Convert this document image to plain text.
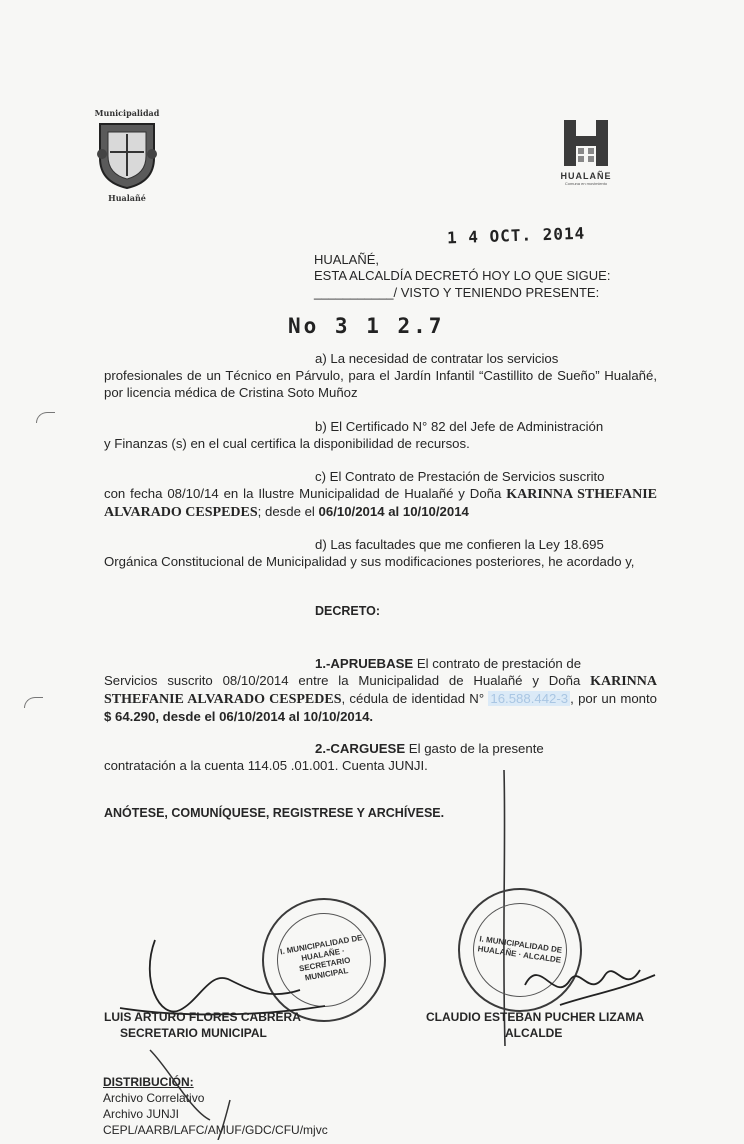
Municipalidad
Hualañé
HUALAÑE
Comuna en movimiento
1 4 OCT. 2014
HUALAÑÉ,
ESTA ALCALDÍA DECRETÓ HOY LO QUE SIGUE:
___________/ VISTO Y TENIENDO PRESENTE:
No 3 1 2.7
a) La necesidad de contratar los servicios
profesionales de un Técnico en Párvulo, para el Jardín Infantil “Castillito de Sueño” Hualañé, por licencia médica de Cristina Soto Muñoz
b) El Certificado N° 82 del Jefe de Administración
y Finanzas (s) en el cual certifica la disponibilidad de recursos.
c) El Contrato de Prestación de Servicios suscrito
con fecha 08/10/14 en la Ilustre Municipalidad de Hualañé y Doña KARINNA STHEFANIE ALVARADO CESPEDES; desde el 06/10/2014 al 10/10/2014
d) Las facultades que me confieren la Ley 18.695
Orgánica Constitucional de Municipalidad y sus modificaciones posteriores, he acordado y,
DECRETO:
1.-APRUEBASE El contrato de prestación de
Servicios suscrito 08/10/2014 entre la Municipalidad de Hualañé y Doña KARINNA STHEFANIE ALVARADO CESPEDES, cédula de identidad N° 16.588.442-3 , por un monto $ 64.290, desde el 06/10/2014 al 10/10/2014.
2.-CARGUESE El gasto de la presente
contratación a la cuenta 114.05 .01.001. Cuenta JUNJI.
ANÓTESE, COMUNÍQUESE, REGISTRESE Y ARCHÍVESE.
I. MUNICIPALIDAD DE HUALAÑE · SECRETARIO MUNICIPAL
I. MUNICIPALIDAD DE HUALAÑE · ALCALDE
LUIS ARTURO FLORES CABRERA
SECRETARIO MUNICIPAL
CLAUDIO ESTEBAN PUCHER LIZAMA
ALCALDE
DISTRIBUCIÓN:
Archivo Correlativo
Archivo JUNJI
CEPL/AARB/LAFC/AMUF/GDC/CFU/mjvc
